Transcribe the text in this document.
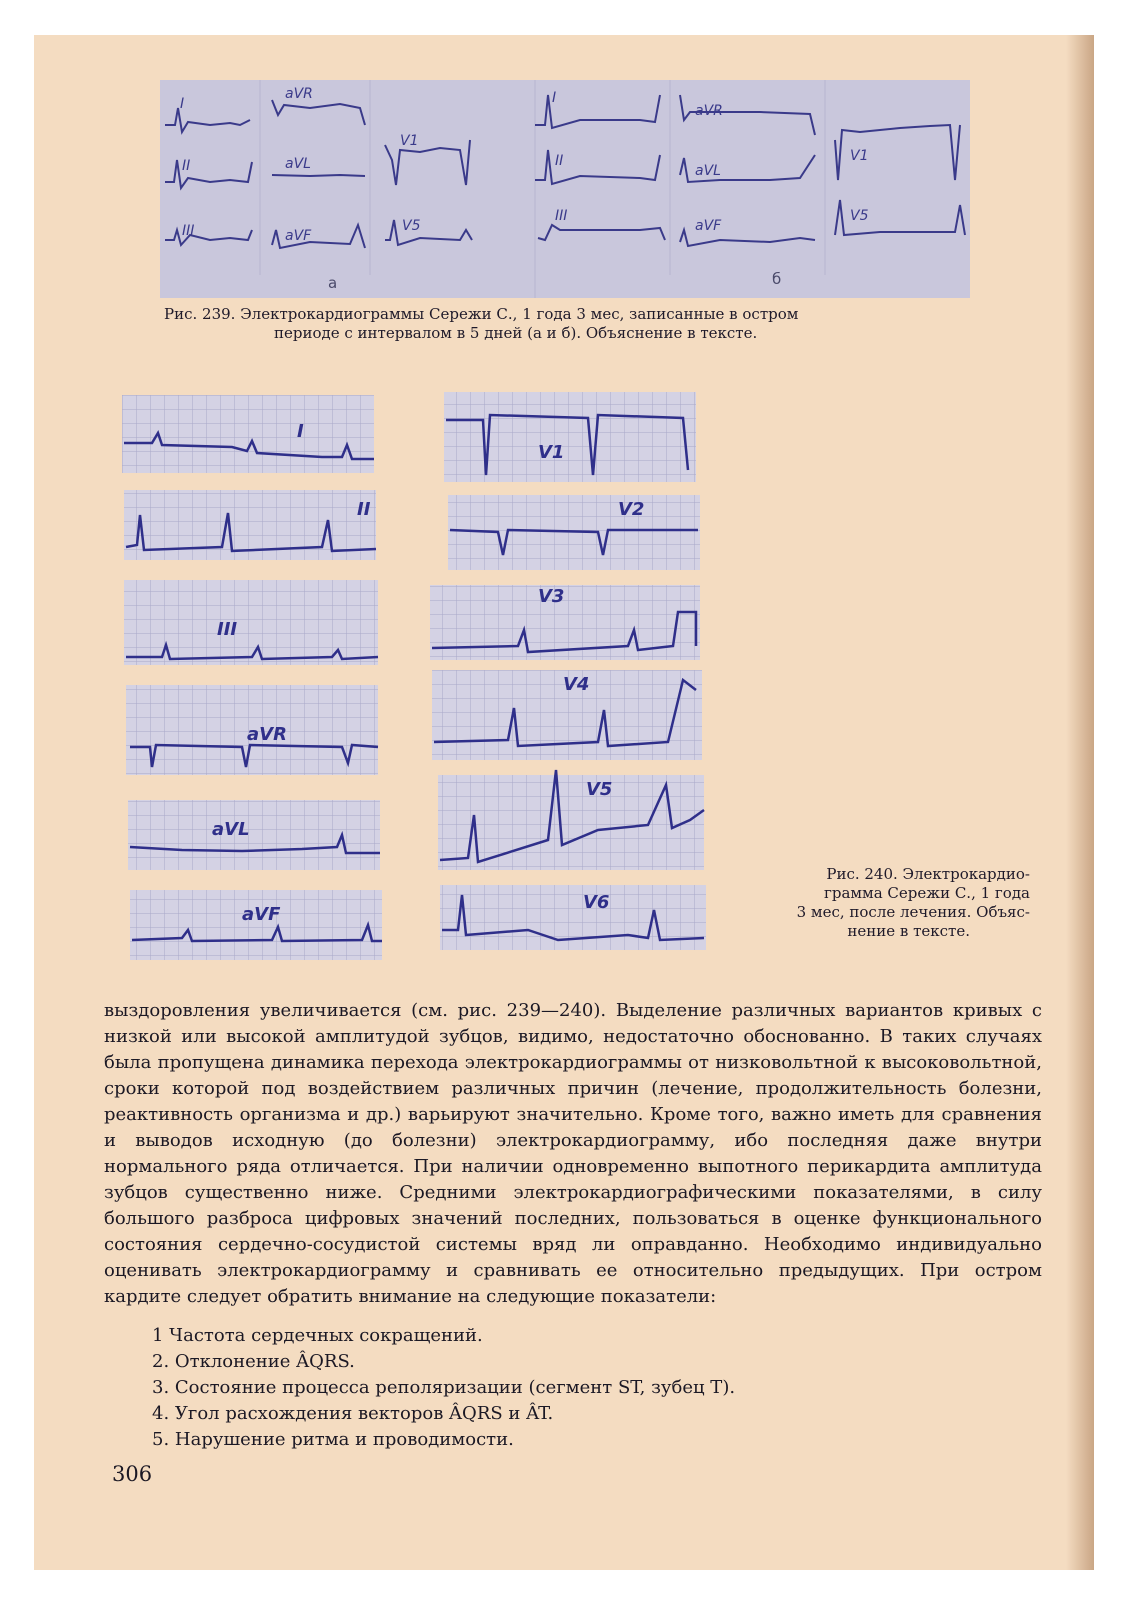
I
aVR
II	aVL
V1
III	aVF
V5
I
aVR
II
aVL
V1
III
aVF
V5
а	б
Рис. 239. Электрокардиограммы Сережи С., 1 года 3 мес, записанные в остром
периоде с интервалом в 5 дней (а и б). Объяснение в тексте.
I
II
III
aVR
aVL
aVF
V1
V2
V3
V4
V5
V6
Рис. 240. Электрокардио-
грамма Сережи С., 1 года
3 мес, после лечения. Объяс-
нение в тексте.

выздоровления увеличивается (см. рис. 239—240). Выделение различных вариантов кривых с низкой или высокой амплитудой зубцов, видимо, недостаточно обоснованно. В таких случаях была пропущена динамика перехода электрокардиограммы от низковольтной к высоковольтной, сроки которой под воздействием различных причин (лечение, продолжительность болезни, реактивность организма и др.) варьируют значительно. Кроме того, важно иметь для сравнения и выводов исходную (до болезни) электрокардиограмму, ибо последняя даже внутри нормального ряда отличается. При наличии одновременно выпотного перикардита амплитуда зубцов существенно ниже. Средними электрокардиографическими показателями, в силу большого разброса цифровых значений последних, пользоваться в оценке функционального состояния сердечно-сосудистой системы вряд ли оправданно. Необходимо индивидуально оценивать электрокардиограмму и сравнивать ее относительно предыдущих. При остром кардите следует обратить внимание на следующие показатели:

1 Частота сердечных сокращений.
2. Отклонение ÂQRS.
3. Состояние процесса реполяризации (сегмент ST, зубец T).
4. Угол расхождения векторов ÂQRS и ÂT.
5. Нарушение ритма и проводимости.
306
